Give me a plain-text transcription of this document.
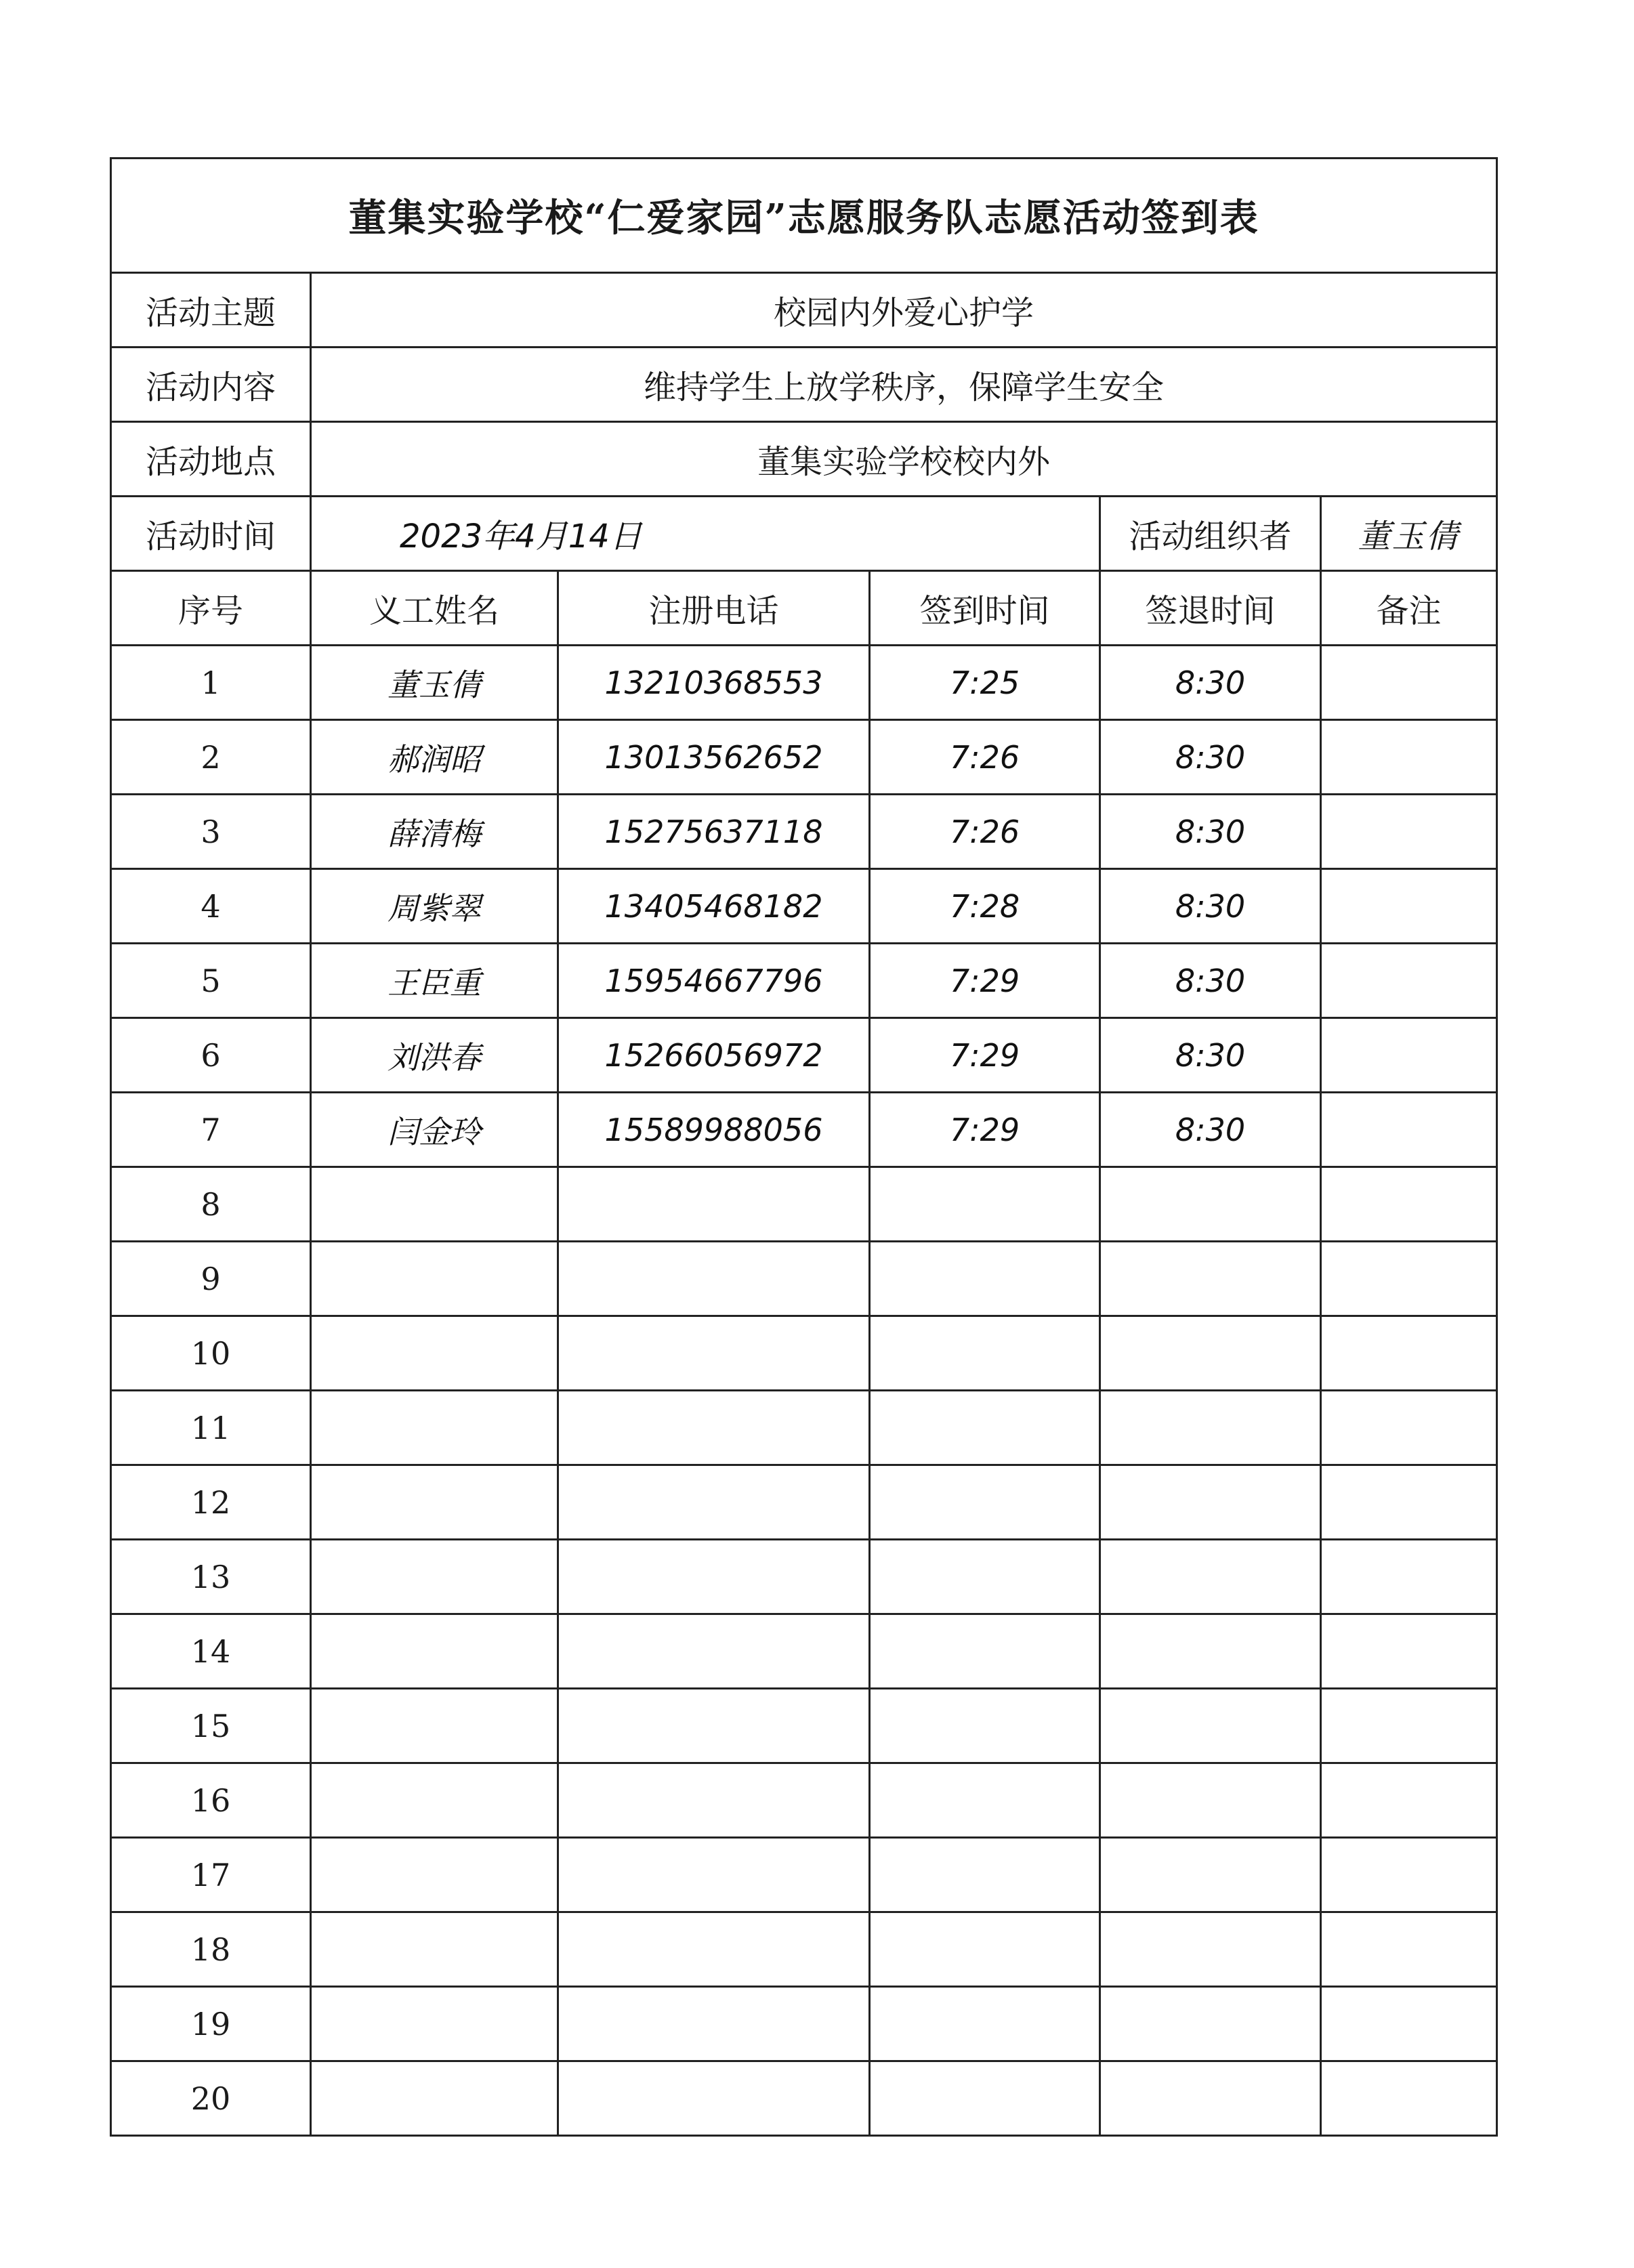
董集实验学校“仁爱家园”志愿服务队志愿活动签到表					
活动主题	校园内外爱心护学				
活动内容	维持学生上放学秩序，保障学生安全				
活动地点	董集实验学校校内外				
活动时间	2023年4月14日			活动组织者	董玉倩
序号	义工姓名	注册电话	签到时间	签退时间	备注
1	董玉倩	13210368553	7:25	8:30	
2	郝润昭	13013562652	7:26	8:30	
3	薛清梅	15275637118	7:26	8:30	
4	周紫翠	13405468182	7:28	8:30	
5	王臣重	15954667796	7:29	8:30	
6	刘洪春	15266056972	7:29	8:30	
7	闫金玲	15589988056	7:29	8:30	
8					
9					
10					
11					
12					
13					
14					
15					
16					
17					
18					
19					
20					
